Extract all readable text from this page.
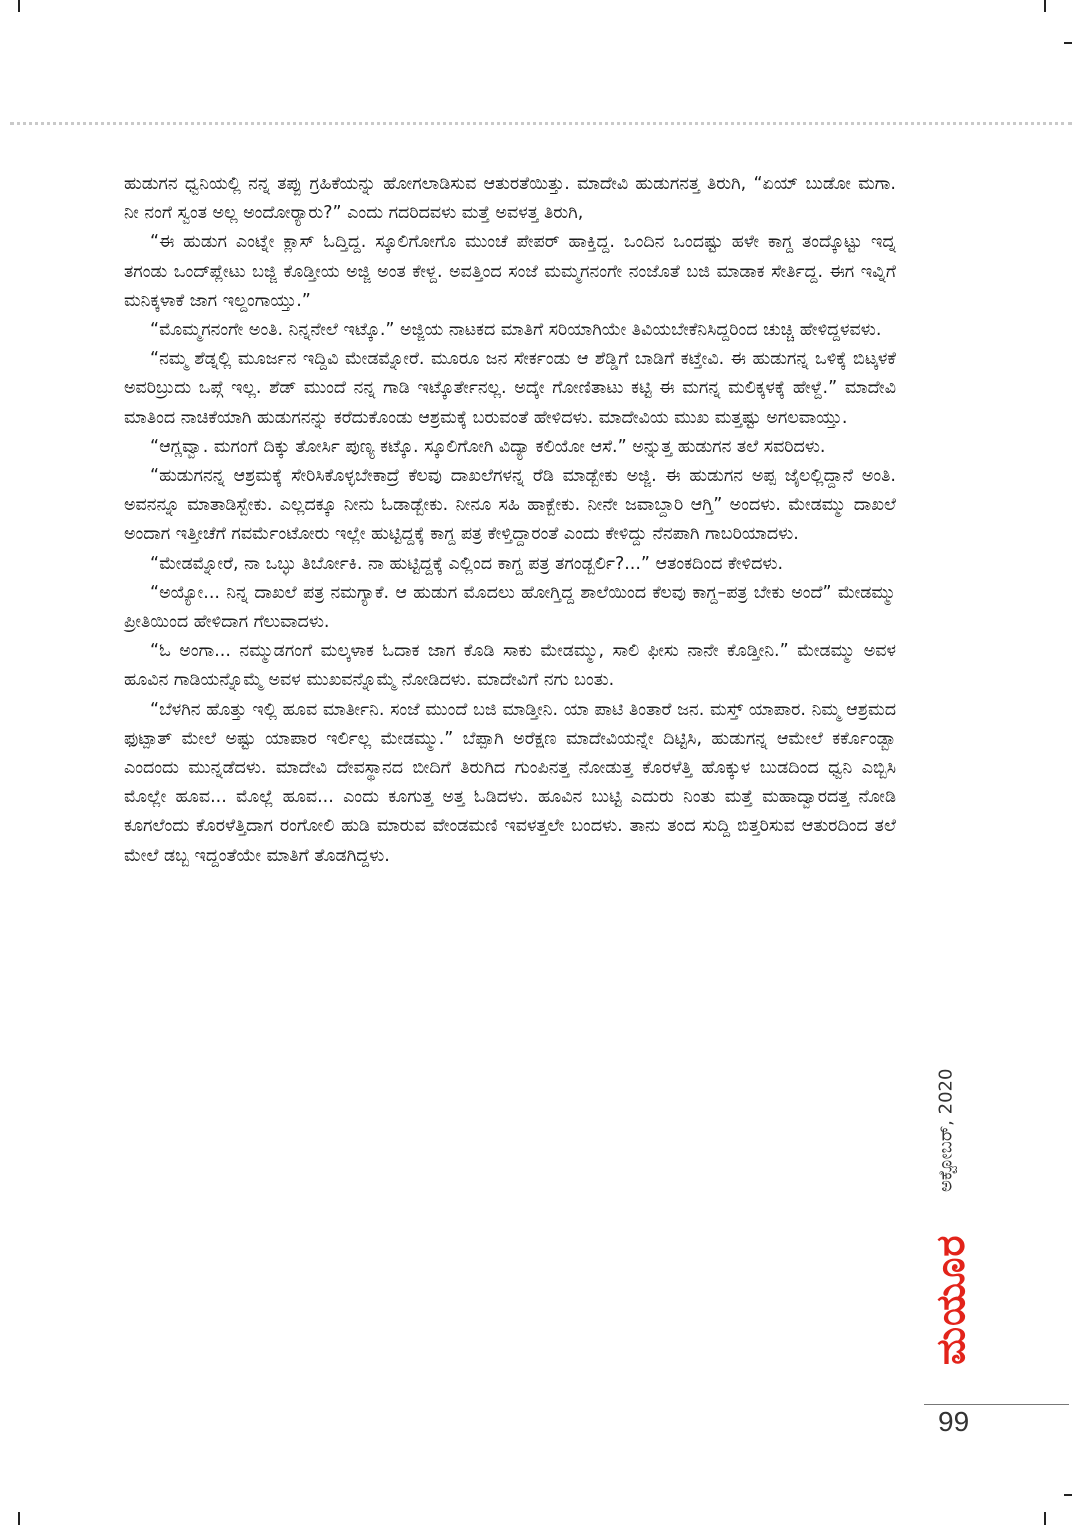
ಹುಡುಗನ ಧ್ವನಿಯಲ್ಲಿ ನನ್ನ ತಪ್ಪು ಗ್ರಹಿಕೆಯನ್ನು ಹೋಗಲಾಡಿಸುವ ಆತುರತೆಯಿತ್ತು. ಮಾದೇವಿ ಹುಡುಗನತ್ತ ತಿರುಗಿ, “ಏಯ್ ಬುಡೋ ಮಗಾ. ನೀ ನಂಗೆ ಸ್ವಂತ ಅಲ್ಲ ಅಂದೋರ್‍ಯಾರು?” ಎಂದು ಗದರಿದವಳು ಮತ್ತೆ ಅವಳತ್ತ ತಿರುಗಿ,

“ಈ ಹುಡುಗ ಎಂಟ್ನೇ ಕ್ಲಾಸ್ ಓದ್ತಿದ್ದ. ಸ್ಕೂಲಿಗೋಗೊ ಮುಂಚೆ ಪೇಪರ್ ಹಾಕ್ತಿದ್ದ. ಒಂದಿನ ಒಂದಷ್ಟು ಹಳೇ ಕಾಗ್ದ ತಂದ್ಕೊಟ್ಟು ಇದ್ನ ತಗಂಡು ಒಂದ್‍ಪ್ಲೇಟು ಬಜ್ಜಿ ಕೊಡ್ತೀಯ ಅಜ್ಜಿ ಅಂತ ಕೇಳ್ದ. ಅವತ್ತಿಂದ ಸಂಜೆ ಮಮ್ಮಗನಂಗೇ ನಂಜೊತೆ ಬಜಿ ಮಾಡಾಕ ಸೇರ್ತಿದ್ದ. ಈಗ ಇವ್ನಿಗೆ ಮನಿಕ್ಕಳಾಕೆ ಜಾಗ ಇಲ್ದಂಗಾಯ್ತು.”

“ಮೊಮ್ಮಗನಂಗೇ ಅಂತಿ. ನಿನ್ನನೇಲೆ ಇಟ್ಕೊ.” ಅಜ್ಜಿಯ ನಾಟಕದ ಮಾತಿಗೆ ಸರಿಯಾಗಿಯೇ ತಿವಿಯಬೇಕೆನಿಸಿದ್ದರಿಂದ ಚುಚ್ಚಿ ಹೇಳಿದ್ದಳವಳು.

“ನಮ್ಮ ಶೆಡ್ನಲ್ಲಿ ಮೂರ್ಜನ ಇದ್ದಿವಿ ಮೇಡಮ್ನೋರೆ. ಮೂರೂ ಜನ ಸೇರ್ಕಂಡು ಆ ಶೆಡ್ಡಿಗೆ ಬಾಡಿಗೆ ಕಟ್ತೇವಿ. ಈ ಹುಡುಗನ್ನ ಒಳಿಕ್ಕೆ ಬಿಟ್ಕಳಕೆ ಅವರಿಬ್ರುದು ಒಪ್ಗೆ ಇಲ್ಲ. ಶೆಡ್ ಮುಂದೆ ನನ್ನ ಗಾಡಿ ಇಟ್ಕೊರ್ತೇನಲ್ಲ. ಅದ್ಕೇ ಗೋಣಿತಾಟು ಕಟ್ಟಿ ಈ ಮಗನ್ನ ಮಲಿಕ್ಕಳಕ್ಕೆ ಹೇಳ್ದೆ.” ಮಾದೇವಿ ಮಾತಿಂದ ನಾಚಿಕೆಯಾಗಿ ಹುಡುಗನನ್ನು ಕರೆದುಕೊಂಡು ಆಶ್ರಮಕ್ಕೆ ಬರುವಂತೆ ಹೇಳಿದಳು. ಮಾದೇವಿಯ ಮುಖ ಮತ್ತಷ್ಟು ಅಗಲವಾಯ್ತು.

“ಆಗ್ಲವ್ವಾ. ಮಗಂಗೆ ದಿಕ್ಕು ತೋರ್ಸಿ ಪುಣ್ಯ ಕಟ್ಕೊ. ಸ್ಕೂಲಿಗೋಗಿ ವಿದ್ಯಾ ಕಲಿಯೋ ಆಸೆ.” ಅನ್ನುತ್ತ ಹುಡುಗನ ತಲೆ ಸವರಿದಳು.

“ಹುಡುಗನನ್ನ ಆಶ್ರಮಕ್ಕೆ ಸೇರಿಸಿಕೊಳ್ಳಬೇಕಾದ್ರೆ ಕೆಲವು ದಾಖಲೆಗಳನ್ನ ರೆಡಿ ಮಾಡ್ಬೇಕು ಅಜ್ಜಿ. ಈ ಹುಡುಗನ ಅಪ್ಪ ಜೈಲಲ್ಲಿದ್ದಾನೆ ಅಂತಿ. ಅವನನ್ನೂ ಮಾತಾಡಿಸ್ಬೇಕು. ಎಲ್ಲದಕ್ಕೂ ನೀನು ಓಡಾಡ್ಬೇಕು. ನೀನೂ ಸಹಿ ಹಾಕ್ಬೇಕು. ನೀನೇ ಜವಾಬ್ದಾರಿ ಆಗ್ತಿ” ಅಂದಳು. ಮೇಡಮ್ಮು ದಾಖಲೆ ಅಂದಾಗ ಇತ್ತೀಚೆಗೆ ಗವರ್ಮೆಂಟೋರು ಇಲ್ಲೇ ಹುಟ್ಟಿದ್ದಕ್ಕೆ ಕಾಗ್ದ ಪತ್ರ ಕೇಳ್ತಿದ್ದಾರಂತೆ ಎಂದು ಕೇಳಿದ್ದು ನೆನಪಾಗಿ ಗಾಬರಿಯಾದಳು.

“ಮೇಡಮ್ನೋರೆ, ನಾ ಒಬ್ಳು ತಿರ್ಬೋಕಿ. ನಾ ಹುಟ್ಟಿದ್ದಕ್ಕೆ ಎಲ್ಲಿಂದ ಕಾಗ್ದ ಪತ್ರ ತಗಂಡ್ಬರ್ಲಿ?...” ಆತಂಕದಿಂದ ಕೇಳಿದಳು.

“ಅಯ್ಯೋ... ನಿನ್ನ ದಾಖಲೆ ಪತ್ರ ನಮಗ್ಯಾಕೆ. ಆ ಹುಡುಗ ಮೊದಲು ಹೋಗ್ತಿದ್ದ ಶಾಲೆಯಿಂದ ಕೆಲವು ಕಾಗ್ದ–ಪತ್ರ ಬೇಕು ಅಂದೆ” ಮೇಡಮ್ಮು ಪ್ರೀತಿಯಿಂದ ಹೇಳಿದಾಗ ಗೆಲುವಾದಳು.

“ಓ ಅಂಗಾ... ನಮ್ಮುಡಗಂಗೆ ಮಲ್ಕಳಾಕ ಓದಾಕ ಜಾಗ ಕೊಡಿ ಸಾಕು ಮೇಡಮ್ಮು, ಸಾಲಿ ಫೀಸು ನಾನೇ ಕೊಡ್ತೀನಿ.” ಮೇಡಮ್ಮು ಅವಳ ಹೂವಿನ ಗಾಡಿಯನ್ನೊಮ್ಮೆ ಅವಳ ಮುಖವನ್ನೊಮ್ಮೆ ನೋಡಿದಳು. ಮಾದೇವಿಗೆ ನಗು ಬಂತು.

“ಬೆಳಗಿನ ಹೊತ್ತು ಇಲ್ಲಿ ಹೂವ ಮಾರ್ತೀನಿ. ಸಂಜೆ ಮುಂದೆ ಬಜಿ ಮಾಡ್ತೀನಿ. ಯಾ ಪಾಟಿ ತಿಂತಾರೆ ಜನ. ಮಸ್ತ್ ಯಾಪಾರ. ನಿಮ್ಮ ಆಶ್ರಮದ ಫುಟ್ಪಾತ್ ಮೇಲೆ ಅಷ್ಟು ಯಾಪಾರ ಇರ್ಲಿಲ್ಲ ಮೇಡಮ್ಮು.” ಬೆಪ್ಪಾಗಿ ಅರೆಕ್ಷಣ ಮಾದೇವಿಯನ್ನೇ ದಿಟ್ಟಿಸಿ, ಹುಡುಗನ್ನ ಆಮೇಲೆ ಕರ್ಕೊಂಡ್ಬಾ ಎಂದಂದು ಮುನ್ನಡೆದಳು. ಮಾದೇವಿ ದೇವಸ್ಥಾನದ ಬೀದಿಗೆ ತಿರುಗಿದ ಗುಂಪಿನತ್ತ ನೋಡುತ್ತ ಕೊರಳೆತ್ತಿ ಹೊಕ್ಕುಳ ಬುಡದಿಂದ ಧ್ವನಿ ಎಬ್ಬಿಸಿ ಮೊಲ್ಲೇ ಹೂವ... ಮೊಲ್ಲೆ ಹೂವ... ಎಂದು ಕೂಗುತ್ತ ಅತ್ತ ಓಡಿದಳು. ಹೂವಿನ ಬುಟ್ಟಿ ಎದುರು ನಿಂತು ಮತ್ತೆ ಮಹಾದ್ವಾರದತ್ತ ನೋಡಿ ಕೂಗಲೆಂದು ಕೊರಳೆತ್ತಿದಾಗ ರಂಗೋಲಿ ಹುಡಿ ಮಾರುವ ವೇಂಡಮಣಿ ಇವಳತ್ತಲೇ ಬಂದಳು. ತಾನು ತಂದ ಸುದ್ದಿ ಬಿತ್ತರಿಸುವ ಆತುರದಿಂದ ತಲೆ ಮೇಲೆ ಡಬ್ಬ ಇದ್ದಂತೆಯೇ ಮಾತಿಗೆ ತೊಡಗಿದ್ದಳು.

ಅಕ್ಟೋಬರ್, 2020
ಮಯೂರ
99
